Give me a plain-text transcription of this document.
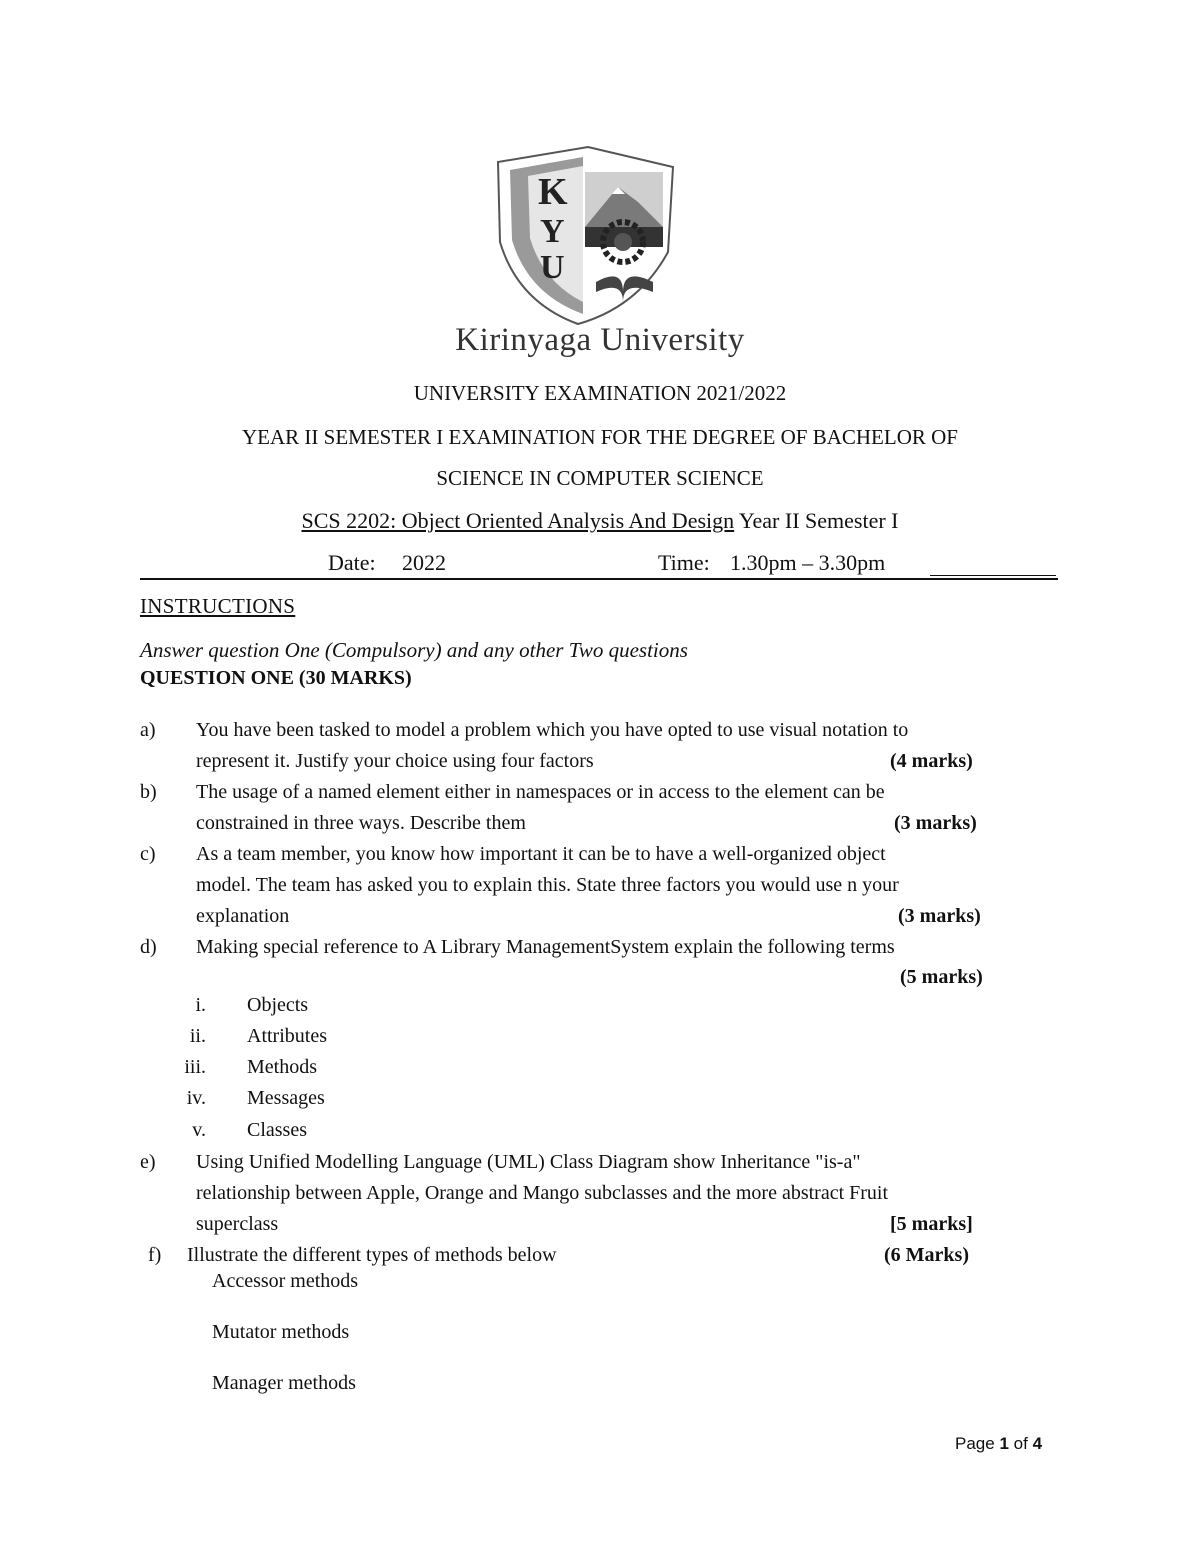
K
Y
U
Kirinyaga University
UNIVERSITY EXAMINATION 2021/2022
YEAR II SEMESTER I EXAMINATION FOR THE DEGREE OF BACHELOR OF
SCIENCE IN COMPUTER SCIENCE
SCS 2202: Object Oriented Analysis And Design Year II Semester I
Date: 2022	Time: 1.30pm – 3.30pm
INSTRUCTIONS
Answer question One (Compulsory) and any other Two questions
QUESTION ONE (30 MARKS)
a) You have been tasked to model a problem which you have opted to use visual notation to
represent it. Justify your choice using four factors	(4 marks)
b) The usage of a named element either in namespaces or in access to the element can be
constrained in three ways. Describe them	(3 marks)
c) As a team member, you know how important it can be to have a well-organized object
model. The team has asked you to explain this. State three factors you would use n your
explanation	(3 marks)
d) Making special reference to A Library ManagementSystem explain the following terms
(5 marks)
i. Objects
ii. Attributes
iii. Methods
iv. Messages
v. Classes
e) Using Unified Modelling Language (UML) Class Diagram show Inheritance "is-a"
relationship between Apple, Orange and Mango subclasses and the more abstract Fruit
superclass	[5 marks]
f) Illustrate the different types of methods below	(6 Marks)
Accessor methods
Mutator methods
Manager methods
Page 1 of 4
